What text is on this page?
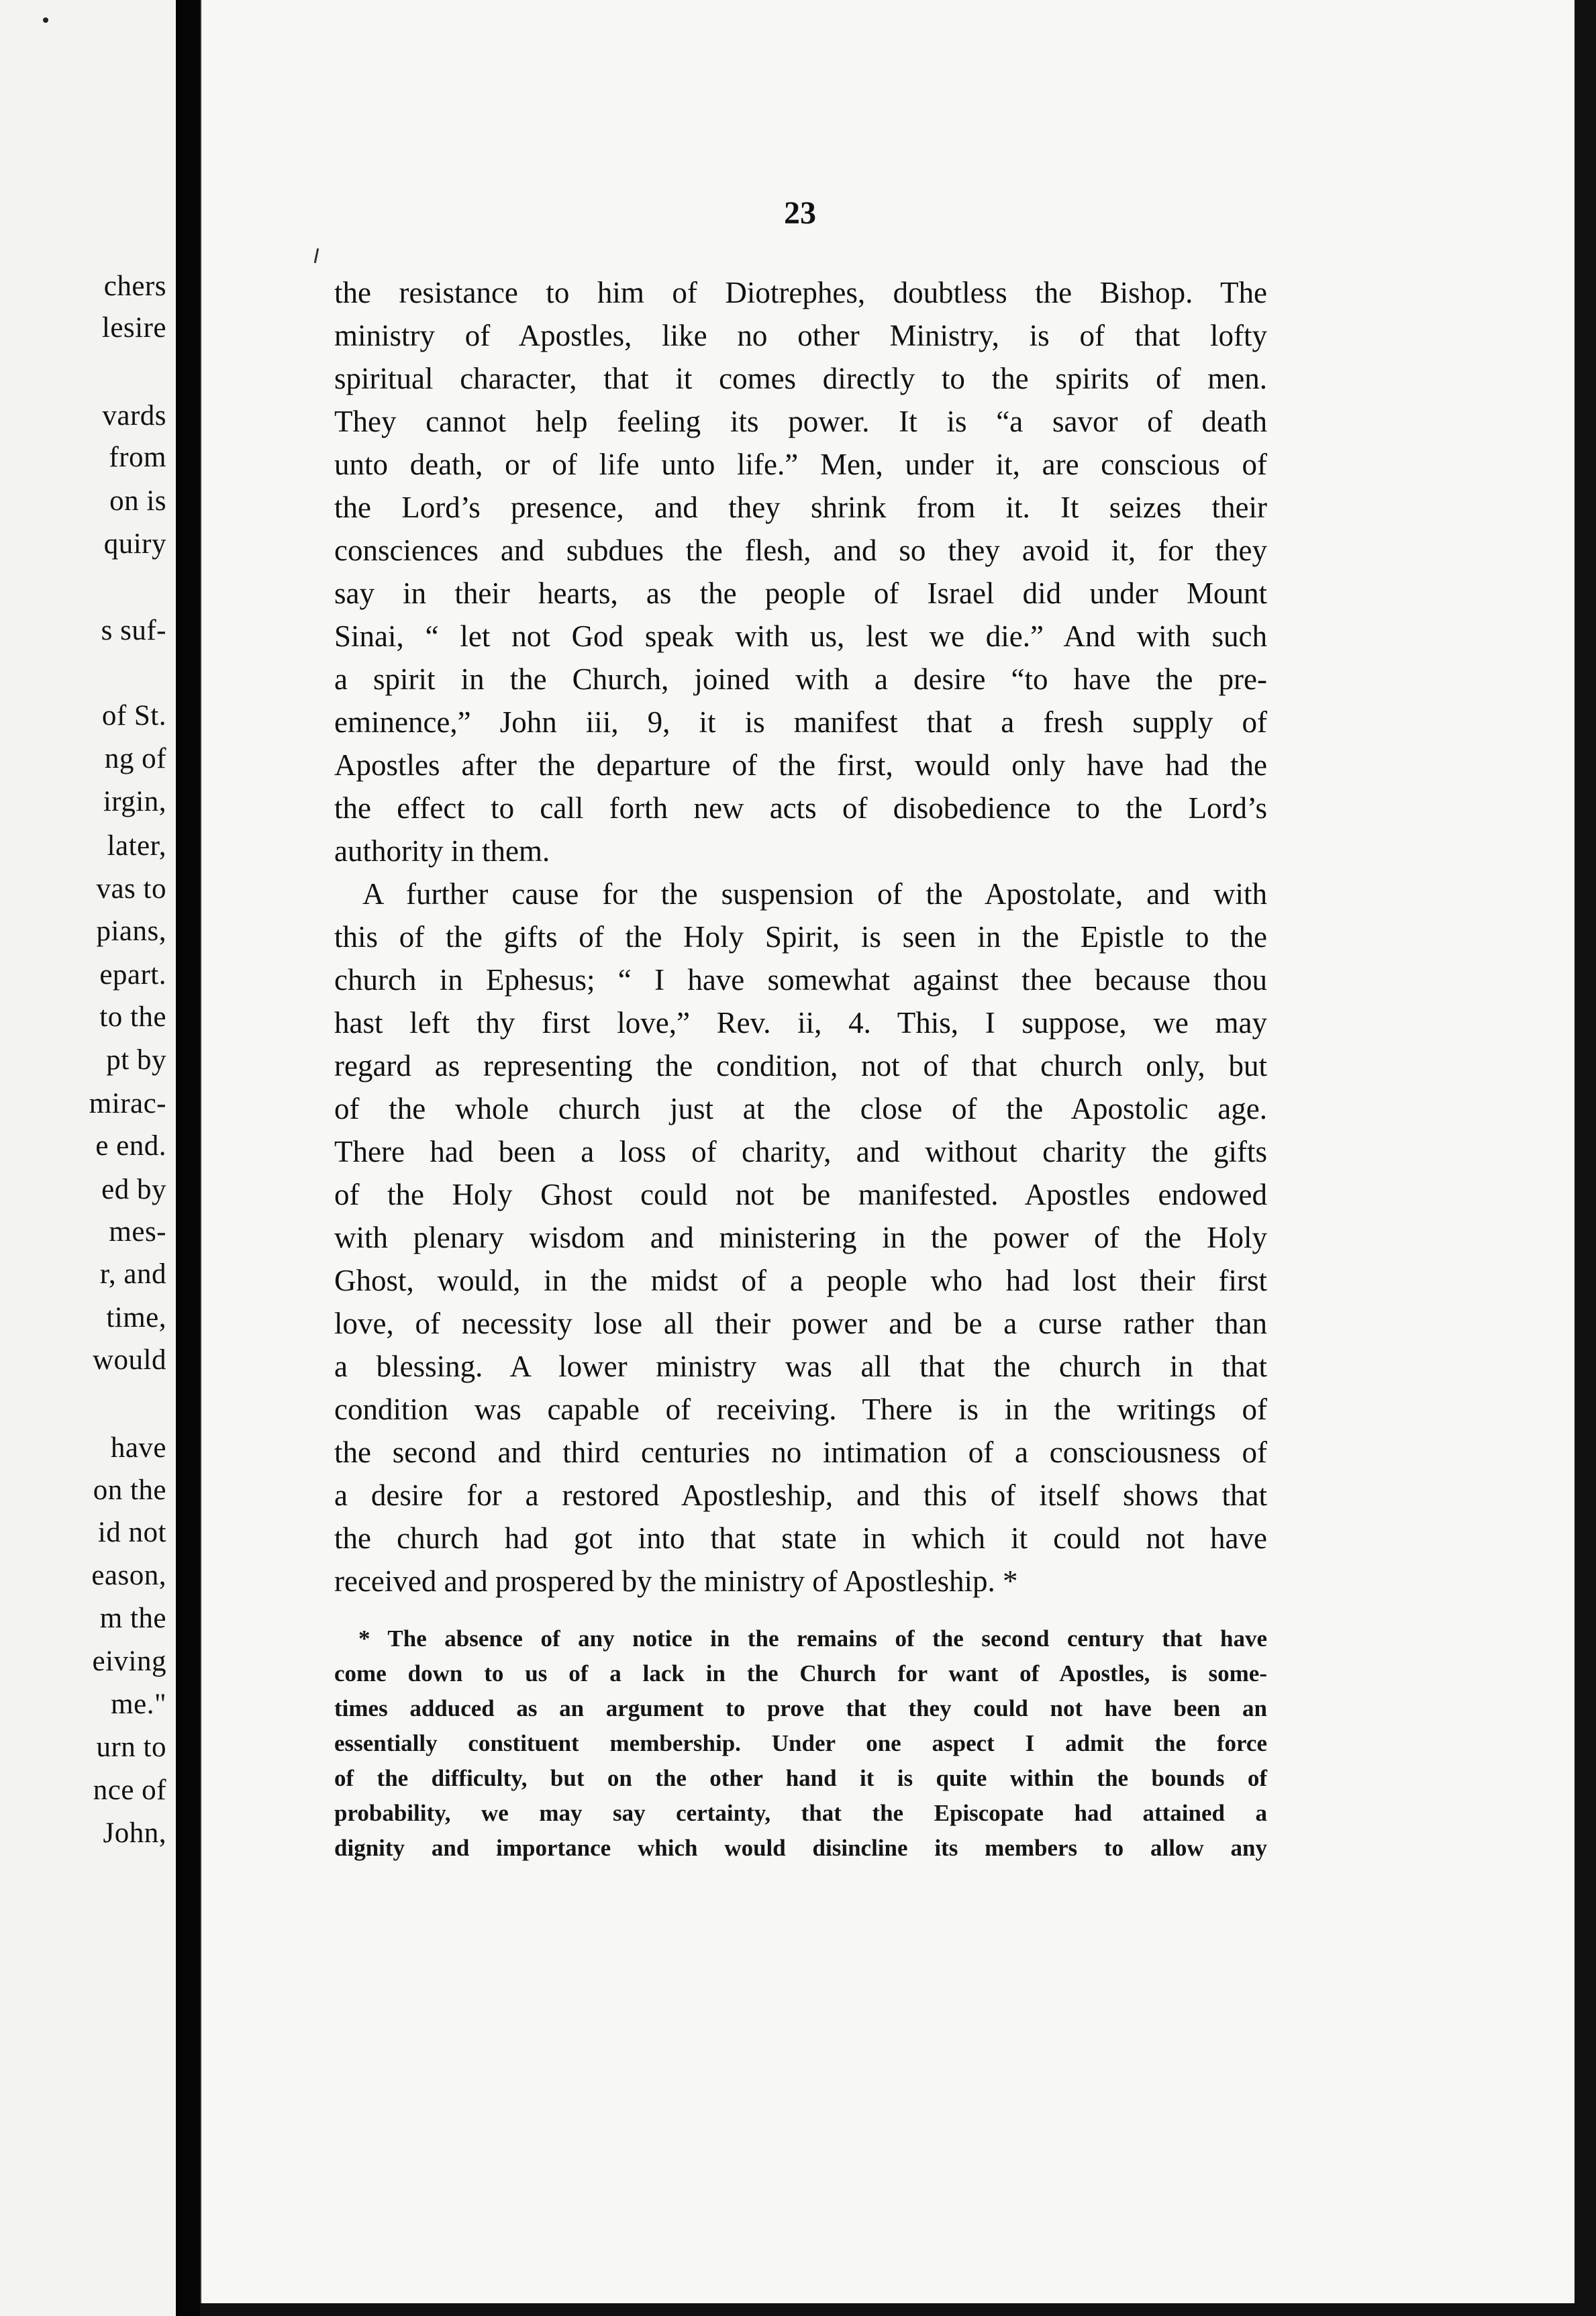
chers
lesire
vards
from
on is
quiry
s suf-
of St.
ng of
irgin,
later,
vas to
pians,
epart.
to the
pt by
mirac-
e end.
ed by
mes-
r, and
time,
would
have
on the
id not
eason,
m the
eiving
me."
urn to
nce of
John,
23
the resistance to him of Diotrephes, doubtless the Bishop. The
ministry of Apostles, like no other Ministry, is of that lofty
spiritual character, that it comes directly to the spirits of men.
They cannot help feeling its power. It is “a savor of death
unto death, or of life unto life.” Men, under it, are conscious of
the Lord’s presence, and they shrink from it. It seizes their
consciences and subdues the flesh, and so they avoid it, for they
say in their hearts, as the people of Israel did under Mount
Sinai, “ let not God speak with us, lest we die.” And with such
a spirit in the Church, joined with a desire “to have the pre-
eminence,” John iii, 9, it is manifest that a fresh supply of
Apostles after the departure of the first, would only have had the
the effect to call forth new acts of disobedience to the Lord’s
authority in them.
A further cause for the suspension of the Apostolate, and with
this of the gifts of the Holy Spirit, is seen in the Epistle to the
church in Ephesus; “ I have somewhat against thee because thou
hast left thy first love,” Rev. ii, 4. This, I suppose, we may
regard as representing the condition, not of that church only, but
of the whole church just at the close of the Apostolic age.
There had been a loss of charity, and without charity the gifts
of the Holy Ghost could not be manifested. Apostles endowed
with plenary wisdom and ministering in the power of the Holy
Ghost, would, in the midst of a people who had lost their first
love, of necessity lose all their power and be a curse rather than
a blessing. A lower ministry was all that the church in that
condition was capable of receiving. There is in the writings of
the second and third centuries no intimation of a consciousness of
a desire for a restored Apostleship, and this of itself shows that
the church had got into that state in which it could not have
received and prospered by the ministry of Apostleship. *
* The absence of any notice in the remains of the second century that have
come down to us of a lack in the Church for want of Apostles, is some-
times adduced as an argument to prove that they could not have been an
essentially constituent membership. Under one aspect I admit the force
of the difficulty, but on the other hand it is quite within the bounds of
probability, we may say certainty, that the Episcopate had attained a
dignity and importance which would disincline its members to allow any
